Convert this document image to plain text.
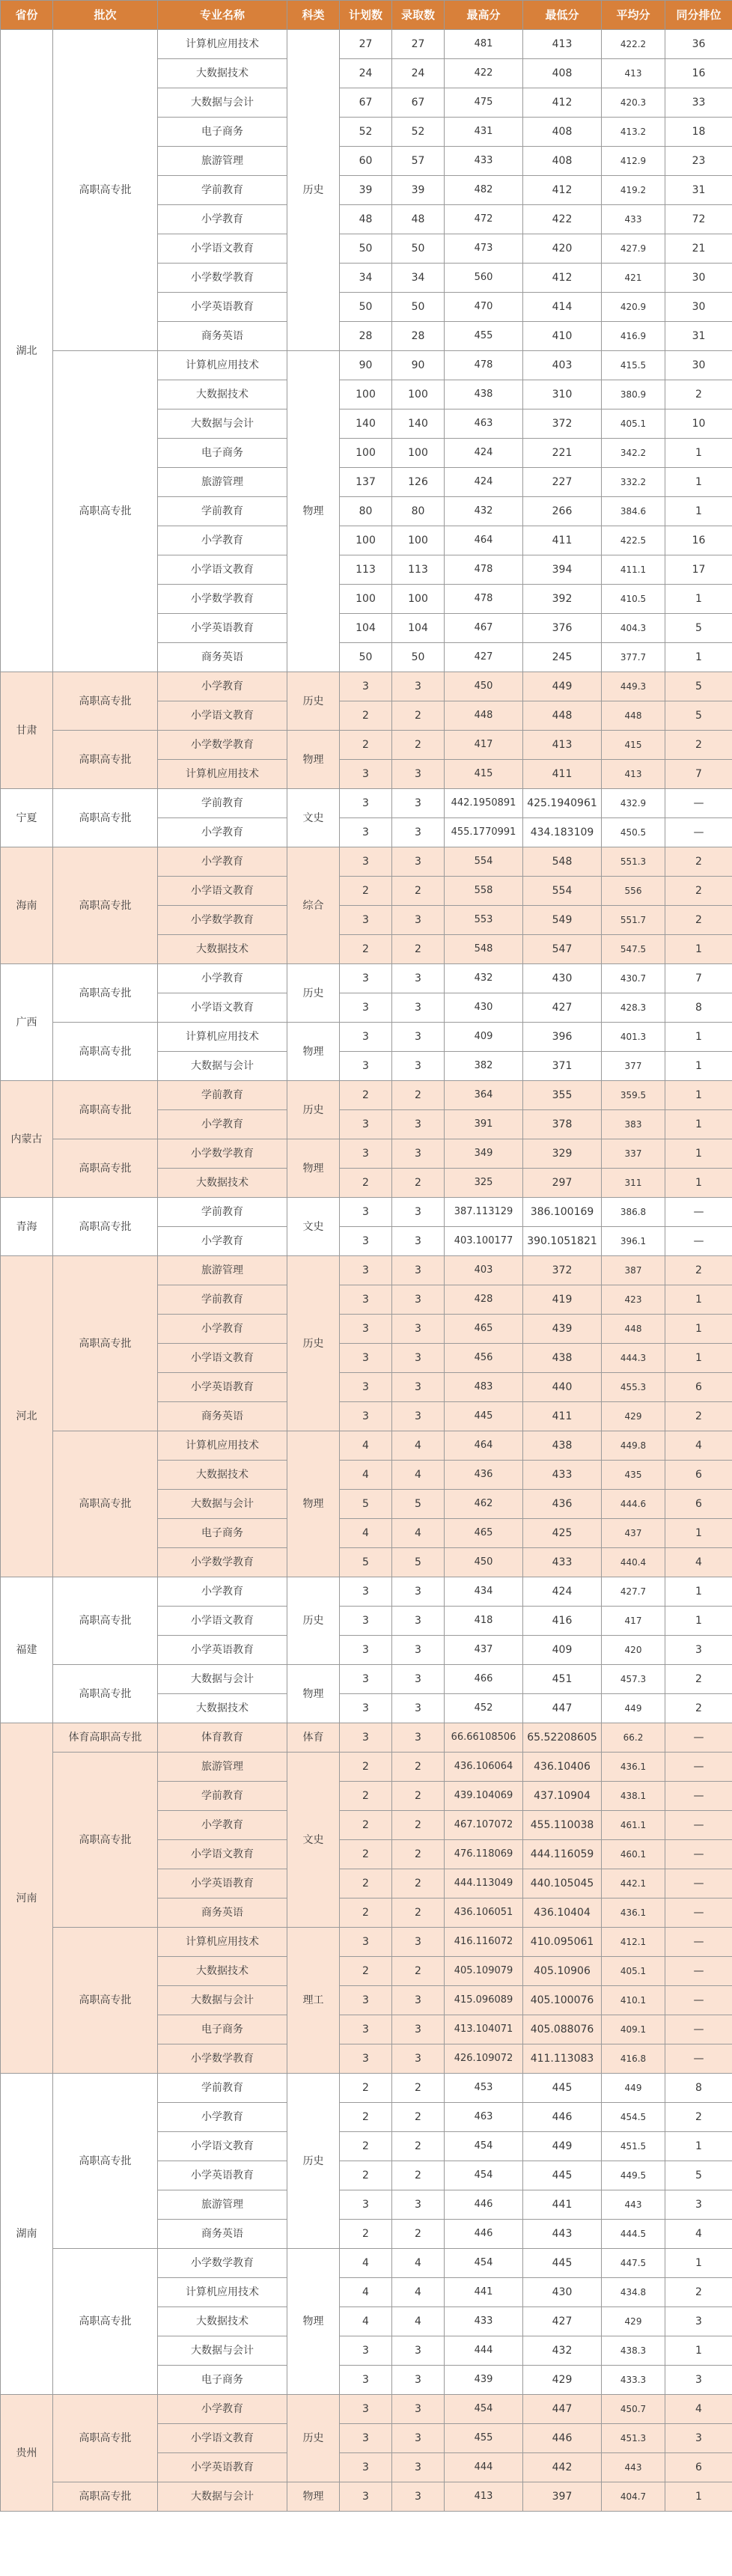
省份	批次	专业名称	科类	计划数	录取数	最高分	最低分	平均分	同分排位
湖北	高职高专批	计算机应用技术	历史	27	27	481	413	422.2	36
		大数据技术		24	24	422	408	413	16
		大数据与会计		67	67	475	412	420.3	33
		电子商务		52	52	431	408	413.2	18
		旅游管理		60	57	433	408	412.9	23
		学前教育		39	39	482	412	419.2	31
		小学教育		48	48	472	422	433	72
		小学语文教育		50	50	473	420	427.9	21
		小学数学教育		34	34	560	412	421	30
		小学英语教育		50	50	470	414	420.9	30
		商务英语		28	28	455	410	416.9	31
	高职高专批	计算机应用技术	物理	90	90	478	403	415.5	30
		大数据技术		100	100	438	310	380.9	2
		大数据与会计		140	140	463	372	405.1	10
		电子商务		100	100	424	221	342.2	1
		旅游管理		137	126	424	227	332.2	1
		学前教育		80	80	432	266	384.6	1
		小学教育		100	100	464	411	422.5	16
		小学语文教育		113	113	478	394	411.1	17
		小学数学教育		100	100	478	392	410.5	1
		小学英语教育		104	104	467	376	404.3	5
		商务英语		50	50	427	245	377.7	1
甘肃	高职高专批	小学教育	历史	3	3	450	449	449.3	5
		小学语文教育		2	2	448	448	448	5
	高职高专批	小学数学教育	物理	2	2	417	413	415	2
		计算机应用技术		3	3	415	411	413	7
宁夏	高职高专批	学前教育	文史	3	3	442.1950891	425.1940961	432.9	—
		小学教育		3	3	455.1770991	434.183109	450.5	—
海南	高职高专批	小学教育	综合	3	3	554	548	551.3	2
		小学语文教育		2	2	558	554	556	2
		小学数学教育		3	3	553	549	551.7	2
		大数据技术		2	2	548	547	547.5	1
广西	高职高专批	小学教育	历史	3	3	432	430	430.7	7
		小学语文教育		3	3	430	427	428.3	8
	高职高专批	计算机应用技术	物理	3	3	409	396	401.3	1
		大数据与会计		3	3	382	371	377	1
内蒙古	高职高专批	学前教育	历史	2	2	364	355	359.5	1
		小学教育		3	3	391	378	383	1
	高职高专批	小学数学教育	物理	3	3	349	329	337	1
		大数据技术		2	2	325	297	311	1
青海	高职高专批	学前教育	文史	3	3	387.113129	386.100169	386.8	—
		小学教育		3	3	403.100177	390.1051821	396.1	—
河北	高职高专批	旅游管理	历史	3	3	403	372	387	2
		学前教育		3	3	428	419	423	1
		小学教育		3	3	465	439	448	1
		小学语文教育		3	3	456	438	444.3	1
		小学英语教育		3	3	483	440	455.3	6
		商务英语		3	3	445	411	429	2
	高职高专批	计算机应用技术	物理	4	4	464	438	449.8	4
		大数据技术		4	4	436	433	435	6
		大数据与会计		5	5	462	436	444.6	6
		电子商务		4	4	465	425	437	1
		小学数学教育		5	5	450	433	440.4	4
福建	高职高专批	小学教育	历史	3	3	434	424	427.7	1
		小学语文教育		3	3	418	416	417	1
		小学英语教育		3	3	437	409	420	3
	高职高专批	大数据与会计	物理	3	3	466	451	457.3	2
		大数据技术		3	3	452	447	449	2
河南	体育高职高专批	体育教育	体育	3	3	66.66108506	65.52208605	66.2	—
	高职高专批	旅游管理	文史	2	2	436.106064	436.10406	436.1	—
		学前教育		2	2	439.104069	437.10904	438.1	—
		小学教育		2	2	467.107072	455.110038	461.1	—
		小学语文教育		2	2	476.118069	444.116059	460.1	—
		小学英语教育		2	2	444.113049	440.105045	442.1	—
		商务英语		2	2	436.106051	436.10404	436.1	—
	高职高专批	计算机应用技术	理工	3	3	416.116072	410.095061	412.1	—
		大数据技术		2	2	405.109079	405.10906	405.1	—
		大数据与会计		3	3	415.096089	405.100076	410.1	—
		电子商务		3	3	413.104071	405.088076	409.1	—
		小学数学教育		3	3	426.109072	411.113083	416.8	—
湖南	高职高专批	学前教育	历史	2	2	453	445	449	8
		小学教育		2	2	463	446	454.5	2
		小学语文教育		2	2	454	449	451.5	1
		小学英语教育		2	2	454	445	449.5	5
		旅游管理		3	3	446	441	443	3
		商务英语		2	2	446	443	444.5	4
	高职高专批	小学数学教育	物理	4	4	454	445	447.5	1
		计算机应用技术		4	4	441	430	434.8	2
		大数据技术		4	4	433	427	429	3
		大数据与会计		3	3	444	432	438.3	1
		电子商务		3	3	439	429	433.3	3
贵州	高职高专批	小学教育	历史	3	3	454	447	450.7	4
		小学语文教育		3	3	455	446	451.3	3
		小学英语教育		3	3	444	442	443	6
	高职高专批	大数据与会计	物理	3	3	413	397	404.7	1
